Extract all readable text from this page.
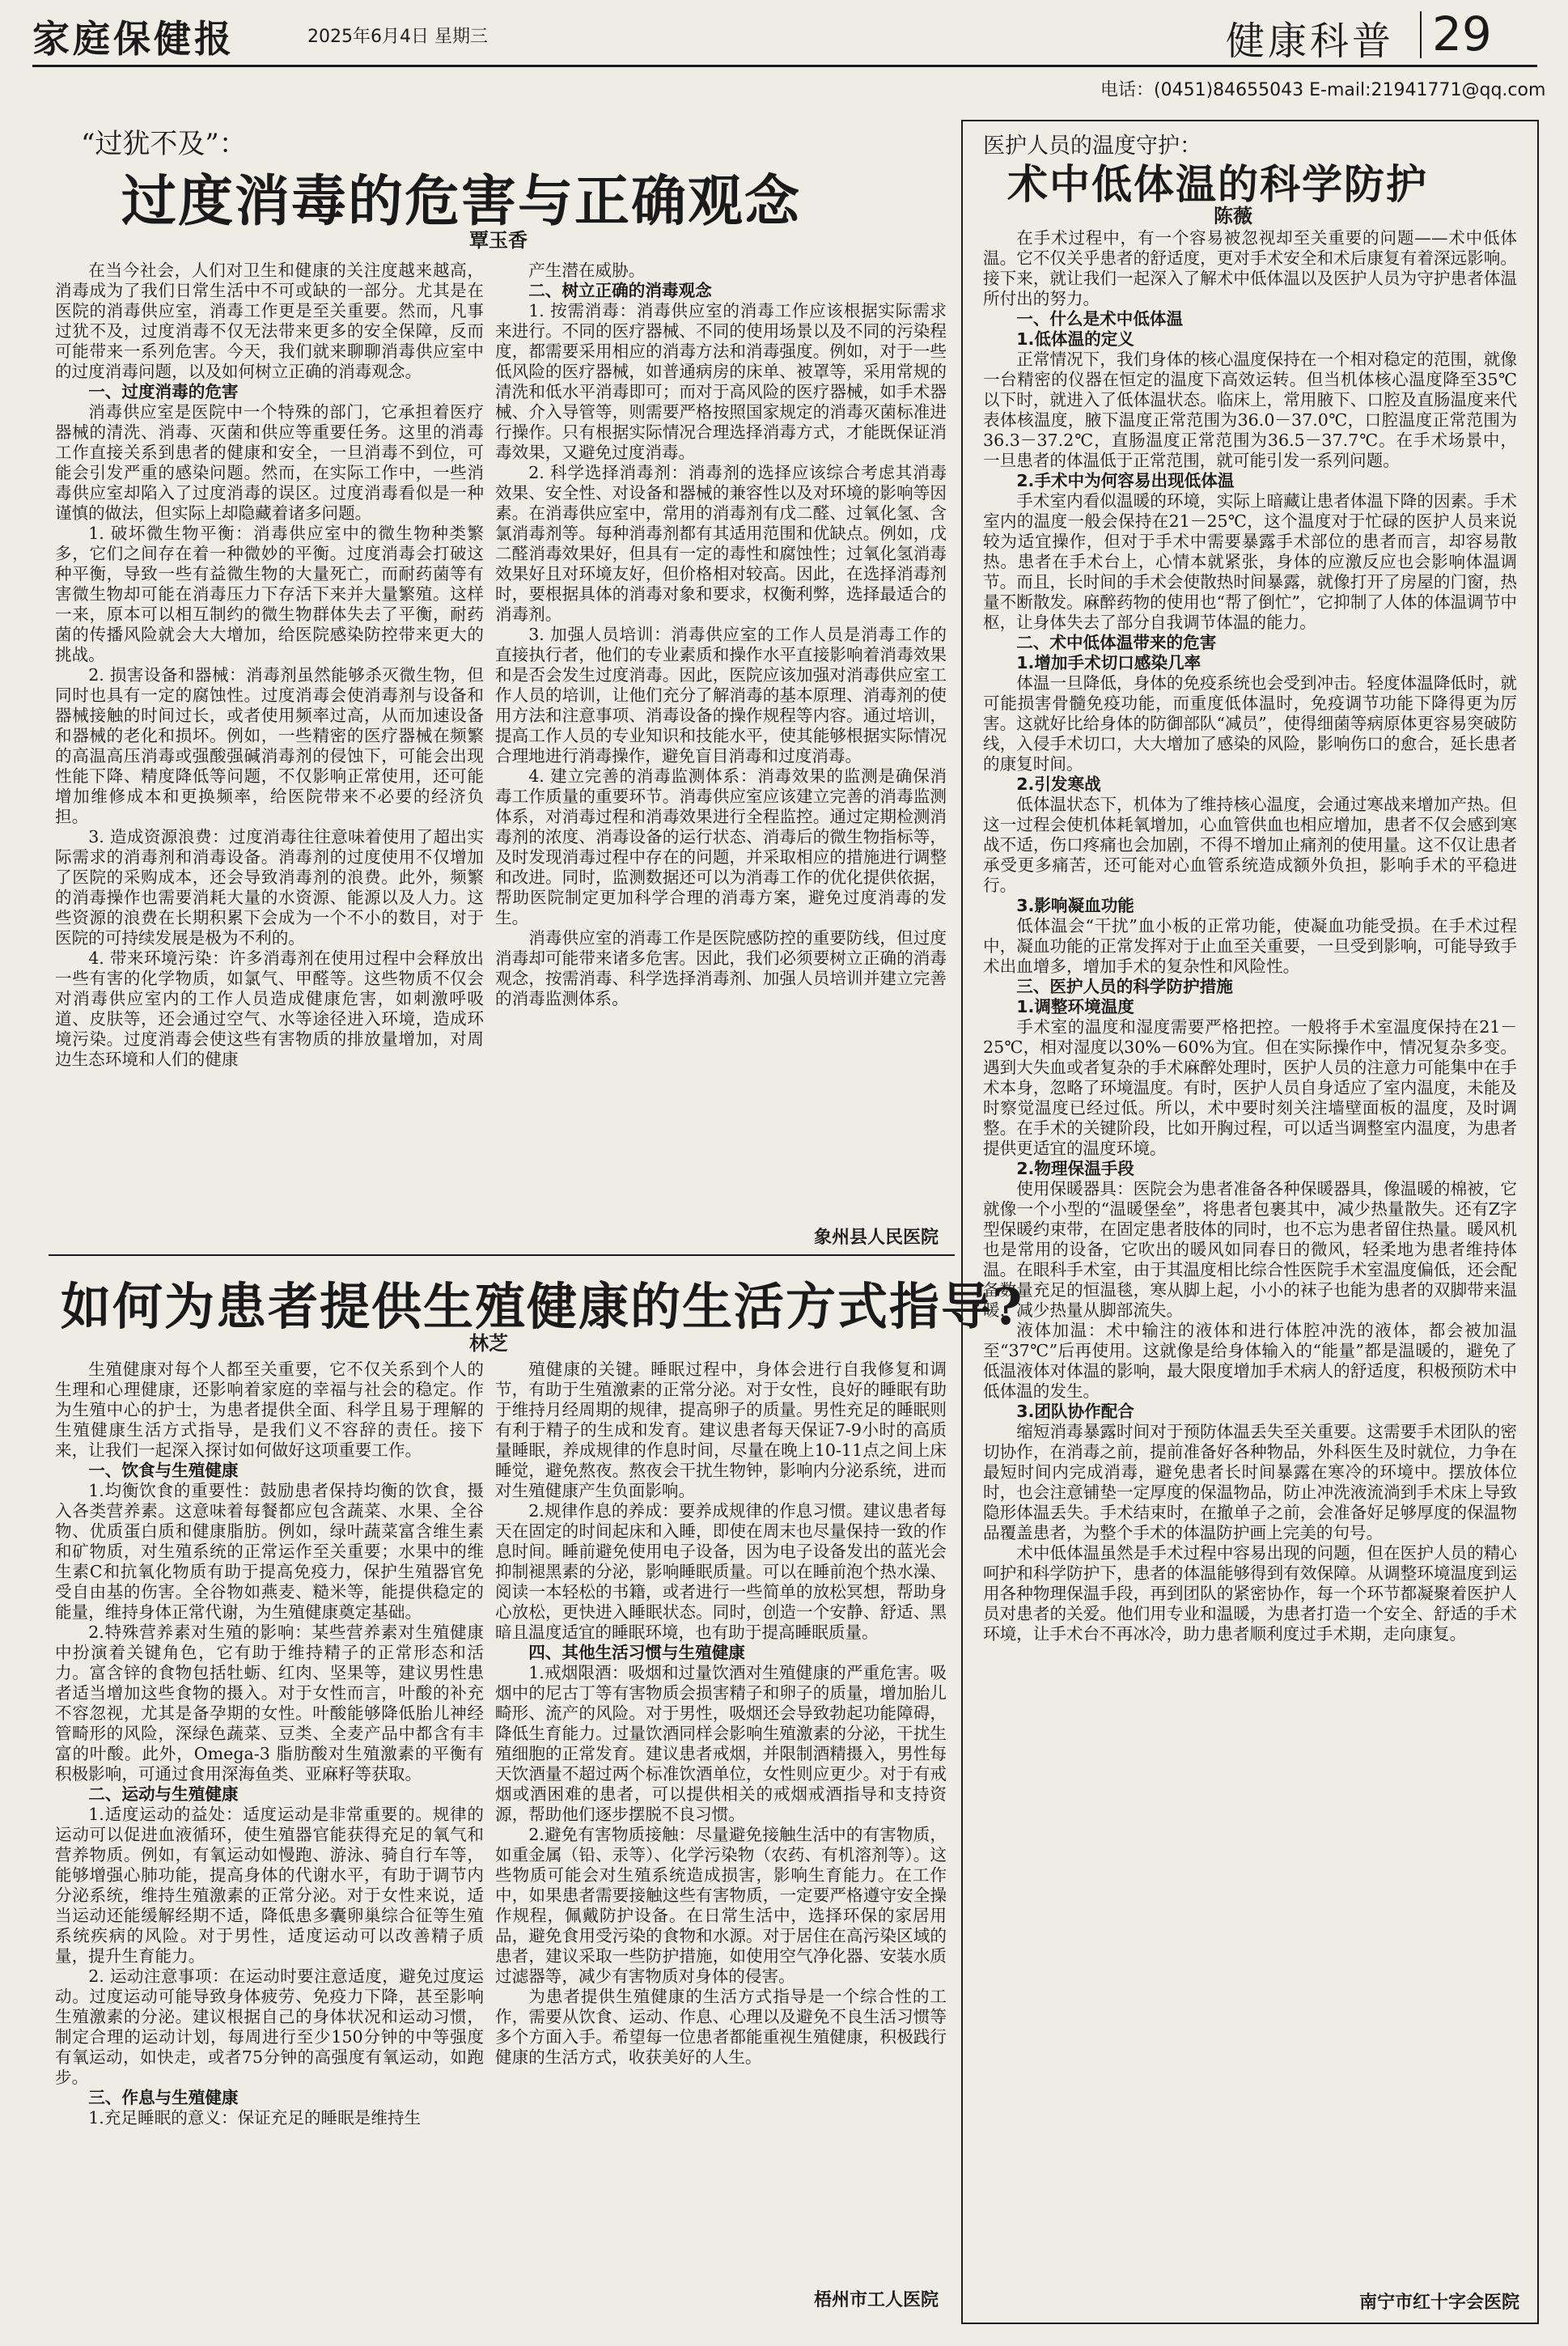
家庭保健报	2025年6月4日 星期三	健康科普 29
电话：(0451)84655043 E-mail:21941771@qq.com
“过犹不及”：
过度消毒的危害与正确观念
覃玉香

在当今社会，人们对卫生和健康的关注度越来越高，消毒成为了我们日常生活中不可或缺的一部分。尤其是在医院的消毒供应室，消毒工作更是至关重要。然而，凡事过犹不及，过度消毒不仅无法带来更多的安全保障，反而可能带来一系列危害。今天，我们就来聊聊消毒供应室中的过度消毒问题，以及如何树立正确的消毒观念。

一、过度消毒的危害

消毒供应室是医院中一个特殊的部门，它承担着医疗器械的清洗、消毒、灭菌和供应等重要任务。这里的消毒工作直接关系到患者的健康和安全，一旦消毒不到位，可能会引发严重的感染问题。然而，在实际工作中，一些消毒供应室却陷入了过度消毒的误区。过度消毒看似是一种谨慎的做法，但实际上却隐藏着诸多问题。

1. 破坏微生物平衡：消毒供应室中的微生物种类繁多，它们之间存在着一种微妙的平衡。过度消毒会打破这种平衡，导致一些有益微生物的大量死亡，而耐药菌等有害微生物却可能在消毒压力下存活下来并大量繁殖。这样一来，原本可以相互制约的微生物群体失去了平衡，耐药菌的传播风险就会大大增加，给医院感染防控带来更大的挑战。

2. 损害设备和器械：消毒剂虽然能够杀灭微生物，但同时也具有一定的腐蚀性。过度消毒会使消毒剂与设备和器械接触的时间过长，或者使用频率过高，从而加速设备和器械的老化和损坏。例如，一些精密的医疗器械在频繁的高温高压消毒或强酸强碱消毒剂的侵蚀下，可能会出现性能下降、精度降低等问题，不仅影响正常使用，还可能增加维修成本和更换频率，给医院带来不必要的经济负担。

3. 造成资源浪费：过度消毒往往意味着使用了超出实际需求的消毒剂和消毒设备。消毒剂的过度使用不仅增加了医院的采购成本，还会导致消毒剂的浪费。此外，频繁的消毒操作也需要消耗大量的水资源、能源以及人力。这些资源的浪费在长期积累下会成为一个不小的数目，对于医院的可持续发展是极为不利的。

4. 带来环境污染：许多消毒剂在使用过程中会释放出一些有害的化学物质，如氯气、甲醛等。这些物质不仅会对消毒供应室内的工作人员造成健康危害，如刺激呼吸道、皮肤等，还会通过空气、水等途径进入环境，造成环境污染。过度消毒会使这些有害物质的排放量增加，对周边生态环境和人们的健康

产生潜在威胁。

二、树立正确的消毒观念

1. 按需消毒：消毒供应室的消毒工作应该根据实际需求来进行。不同的医疗器械、不同的使用场景以及不同的污染程度，都需要采用相应的消毒方法和消毒强度。例如，对于一些低风险的医疗器械，如普通病房的床单、被罩等，采用常规的清洗和低水平消毒即可；而对于高风险的医疗器械，如手术器械、介入导管等，则需要严格按照国家规定的消毒灭菌标准进行操作。只有根据实际情况合理选择消毒方式，才能既保证消毒效果，又避免过度消毒。

2. 科学选择消毒剂：消毒剂的选择应该综合考虑其消毒效果、安全性、对设备和器械的兼容性以及对环境的影响等因素。在消毒供应室中，常用的消毒剂有戊二醛、过氧化氢、含氯消毒剂等。每种消毒剂都有其适用范围和优缺点。例如，戊二醛消毒效果好，但具有一定的毒性和腐蚀性；过氧化氢消毒效果好且对环境友好，但价格相对较高。因此，在选择消毒剂时，要根据具体的消毒对象和要求，权衡利弊，选择最适合的消毒剂。

3. 加强人员培训：消毒供应室的工作人员是消毒工作的直接执行者，他们的专业素质和操作水平直接影响着消毒效果和是否会发生过度消毒。因此，医院应该加强对消毒供应室工作人员的培训，让他们充分了解消毒的基本原理、消毒剂的使用方法和注意事项、消毒设备的操作规程等内容。通过培训，提高工作人员的专业知识和技能水平，使其能够根据实际情况合理地进行消毒操作，避免盲目消毒和过度消毒。

4. 建立完善的消毒监测体系：消毒效果的监测是确保消毒工作质量的重要环节。消毒供应室应该建立完善的消毒监测体系，对消毒过程和消毒效果进行全程监控。通过定期检测消毒剂的浓度、消毒设备的运行状态、消毒后的微生物指标等，及时发现消毒过程中存在的问题，并采取相应的措施进行调整和改进。同时，监测数据还可以为消毒工作的优化提供依据，帮助医院制定更加科学合理的消毒方案，避免过度消毒的发生。

消毒供应室的消毒工作是医院感防控的重要防线，但过度消毒却可能带来诸多危害。因此，我们必须要树立正确的消毒观念，按需消毒、科学选择消毒剂、加强人员培训并建立完善的消毒监测体系。

象州县人民医院
如何为患者提供生殖健康的生活方式指导?
林芝

生殖健康对每个人都至关重要，它不仅关系到个人的生理和心理健康，还影响着家庭的幸福与社会的稳定。作为生殖中心的护士，为患者提供全面、科学且易于理解的生殖健康生活方式指导，是我们义不容辞的责任。接下来，让我们一起深入探讨如何做好这项重要工作。

一、饮食与生殖健康

1.均衡饮食的重要性：鼓励患者保持均衡的饮食，摄入各类营养素。这意味着每餐都应包含蔬菜、水果、全谷物、优质蛋白质和健康脂肪。例如，绿叶蔬菜富含维生素和矿物质，对生殖系统的正常运作至关重要；水果中的维生素C和抗氧化物质有助于提高免疫力，保护生殖器官免受自由基的伤害。全谷物如燕麦、糙米等，能提供稳定的能量，维持身体正常代谢，为生殖健康奠定基础。

2.特殊营养素对生殖的影响：某些营养素对生殖健康中扮演着关键角色，它有助于维持精子的正常形态和活力。富含锌的食物包括牡蛎、红肉、坚果等，建议男性患者适当增加这些食物的摄入。对于女性而言，叶酸的补充不容忽视，尤其是备孕期的女性。叶酸能够降低胎儿神经管畸形的风险，深绿色蔬菜、豆类、全麦产品中都含有丰富的叶酸。此外，Omega-3 脂肪酸对生殖激素的平衡有积极影响，可通过食用深海鱼类、亚麻籽等获取。

二、运动与生殖健康

1.适度运动的益处：适度运动是非常重要的。规律的运动可以促进血液循环，使生殖器官能获得充足的氧气和营养物质。例如，有氧运动如慢跑、游泳、骑自行车等，能够增强心肺功能，提高身体的代谢水平，有助于调节内分泌系统，维持生殖激素的正常分泌。对于女性来说，适当运动还能缓解经期不适，降低患多囊卵巢综合征等生殖系统疾病的风险。对于男性，适度运动可以改善精子质量，提升生育能力。

2. 运动注意事项：在运动时要注意适度，避免过度运动。过度运动可能导致身体疲劳、免疫力下降，甚至影响生殖激素的分泌。建议根据自己的身体状况和运动习惯，制定合理的运动计划，每周进行至少150分钟的中等强度有氧运动，如快走，或者75分钟的高强度有氧运动，如跑步。

三、作息与生殖健康

1.充足睡眠的意义：保证充足的睡眠是维持生

殖健康的关键。睡眠过程中，身体会进行自我修复和调节，有助于生殖激素的正常分泌。对于女性，良好的睡眠有助于维持月经周期的规律，提高卵子的质量。男性充足的睡眠则有利于精子的生成和发育。建议患者每天保证7-9小时的高质量睡眠，养成规律的作息时间，尽量在晚上10-11点之间上床睡觉，避免熬夜。熬夜会干扰生物钟，影响内分泌系统，进而对生殖健康产生负面影响。

2.规律作息的养成：要养成规律的作息习惯。建议患者每天在固定的时间起床和入睡，即使在周末也尽量保持一致的作息时间。睡前避免使用电子设备，因为电子设备发出的蓝光会抑制褪黑素的分泌，影响睡眠质量。可以在睡前泡个热水澡、阅读一本轻松的书籍，或者进行一些简单的放松冥想，帮助身心放松，更快进入睡眠状态。同时，创造一个安静、舒适、黑暗且温度适宜的睡眠环境，也有助于提高睡眠质量。

四、其他生活习惯与生殖健康

1.戒烟限酒：吸烟和过量饮酒对生殖健康的严重危害。吸烟中的尼古丁等有害物质会损害精子和卵子的质量，增加胎儿畸形、流产的风险。对于男性，吸烟还会导致勃起功能障碍，降低生育能力。过量饮酒同样会影响生殖激素的分泌，干扰生殖细胞的正常发育。建议患者戒烟，并限制酒精摄入，男性每天饮酒量不超过两个标准饮酒单位，女性则应更少。对于有戒烟或酒困难的患者，可以提供相关的戒烟戒酒指导和支持资源，帮助他们逐步摆脱不良习惯。

2.避免有害物质接触：尽量避免接触生活中的有害物质，如重金属（铅、汞等）、化学污染物（农药、有机溶剂等）。这些物质可能会对生殖系统造成损害，影响生育能力。在工作中，如果患者需要接触这些有害物质，一定要严格遵守安全操作规程，佩戴防护设备。在日常生活中，选择环保的家居用品，避免食用受污染的食物和水源。对于居住在高污染区域的患者，建议采取一些防护措施，如使用空气净化器、安装水质过滤器等，减少有害物质对身体的侵害。

为患者提供生殖健康的生活方式指导是一个综合性的工作，需要从饮食、运动、作息、心理以及避免不良生活习惯等多个方面入手。希望每一位患者都能重视生殖健康，积极践行健康的生活方式，收获美好的人生。

梧州市工人医院
医护人员的温度守护：
术中低体温的科学防护
陈薇

在手术过程中，有一个容易被忽视却至关重要的问题——术中低体温。它不仅关乎患者的舒适度，更对手术安全和术后康复有着深远影响。接下来，就让我们一起深入了解术中低体温以及医护人员为守护患者体温所付出的努力。

一、什么是术中低体温
1.低体温的定义

正常情况下，我们身体的核心温度保持在一个相对稳定的范围，就像一台精密的仪器在恒定的温度下高效运转。但当机体核心温度降至35℃以下时，就进入了低体温状态。临床上，常用腋下、口腔及直肠温度来代表体核温度，腋下温度正常范围为36.0－37.0℃，口腔温度正常范围为36.3－37.2℃，直肠温度正常范围为36.5－37.7℃。在手术场景中，一旦患者的体温低于正常范围，就可能引发一系列问题。

2.手术中为何容易出现低体温

手术室内看似温暖的环境，实际上暗藏让患者体温下降的因素。手术室内的温度一般会保持在21－25℃，这个温度对于忙碌的医护人员来说较为适宜操作，但对于手术中需要暴露手术部位的患者而言，却容易散热。患者在手术台上，心情本就紧张，身体的应激反应也会影响体温调节。而且，长时间的手术会使散热时间暴露，就像打开了房屋的门窗，热量不断散发。麻醉药物的使用也“帮了倒忙”，它抑制了人体的体温调节中枢，让身体失去了部分自我调节体温的能力。

二、术中低体温带来的危害
1.增加手术切口感染几率

体温一旦降低，身体的免疫系统也会受到冲击。轻度体温降低时，就可能损害骨髓免疫功能，而重度低体温时，免疫调节功能下降得更为厉害。这就好比给身体的防御部队“减员”，使得细菌等病原体更容易突破防线，入侵手术切口，大大增加了感染的风险，影响伤口的愈合，延长患者的康复时间。

2.引发寒战

低体温状态下，机体为了维持核心温度，会通过寒战来增加产热。但这一过程会使机体耗氧增加，心血管供血也相应增加，患者不仅会感到寒战不适，伤口疼痛也会加剧，不得不增加止痛剂的使用量。这不仅让患者承受更多痛苦，还可能对心血管系统造成额外负担，影响手术的平稳进行。

3.影响凝血功能

低体温会“干扰”血小板的正常功能，使凝血功能受损。在手术过程中，凝血功能的正常发挥对于止血至关重要，一旦受到影响，可能导致手术出血增多，增加手术的复杂性和风险性。

三、医护人员的科学防护措施
1.调整环境温度

手术室的温度和湿度需要严格把控。一般将手术室温度保持在21－25℃，相对湿度以30%－60%为宜。但在实际操作中，情况复杂多变。遇到大失血或者复杂的手术麻醉处理时，医护人员的注意力可能集中在手术本身，忽略了环境温度。有时，医护人员自身适应了室内温度，未能及时察觉温度已经过低。所以，术中要时刻关注墙壁面板的温度，及时调整。在手术的关键阶段，比如开胸过程，可以适当调整室内温度，为患者提供更适宜的温度环境。

2.物理保温手段

使用保暖器具：医院会为患者准备各种保暖器具，像温暖的棉被，它就像一个小型的“温暖堡垒”，将患者包裹其中，减少热量散失。还有Z字型保暖约束带，在固定患者肢体的同时，也不忘为患者留住热量。暖风机也是常用的设备，它吹出的暖风如同春日的微风，轻柔地为患者维持体温。在眼科手术室，由于其温度相比综合性医院手术室温度偏低，还会配备数量充足的恒温毯，寒从脚上起，小小的袜子也能为患者的双脚带来温暖，减少热量从脚部流失。

液体加温：术中输注的液体和进行体腔冲洗的液体，都会被加温至“37℃”后再使用。这就像是给身体输入的“能量”都是温暖的，避免了低温液体对体温的影响，最大限度增加手术病人的舒适度，积极预防术中低体温的发生。

3.团队协作配合

缩短消毒暴露时间对于预防体温丢失至关重要。这需要手术团队的密切协作，在消毒之前，提前准备好各种物品，外科医生及时就位，力争在最短时间内完成消毒，避免患者长时间暴露在寒冷的环境中。摆放体位时，也会注意铺垫一定厚度的保温物品，防止冲洗液流淌到手术床上导致隐形体温丢失。手术结束时，在撤单子之前，会准备好足够厚度的保温物品覆盖患者，为整个手术的体温防护画上完美的句号。

术中低体温虽然是手术过程中容易出现的问题，但在医护人员的精心呵护和科学防护下，患者的体温能够得到有效保障。从调整环境温度到运用各种物理保温手段，再到团队的紧密协作，每一个环节都凝聚着医护人员对患者的关爱。他们用专业和温暖，为患者打造一个安全、舒适的手术环境，让手术台不再冰冷，助力患者顺利度过手术期，走向康复。

南宁市红十字会医院
